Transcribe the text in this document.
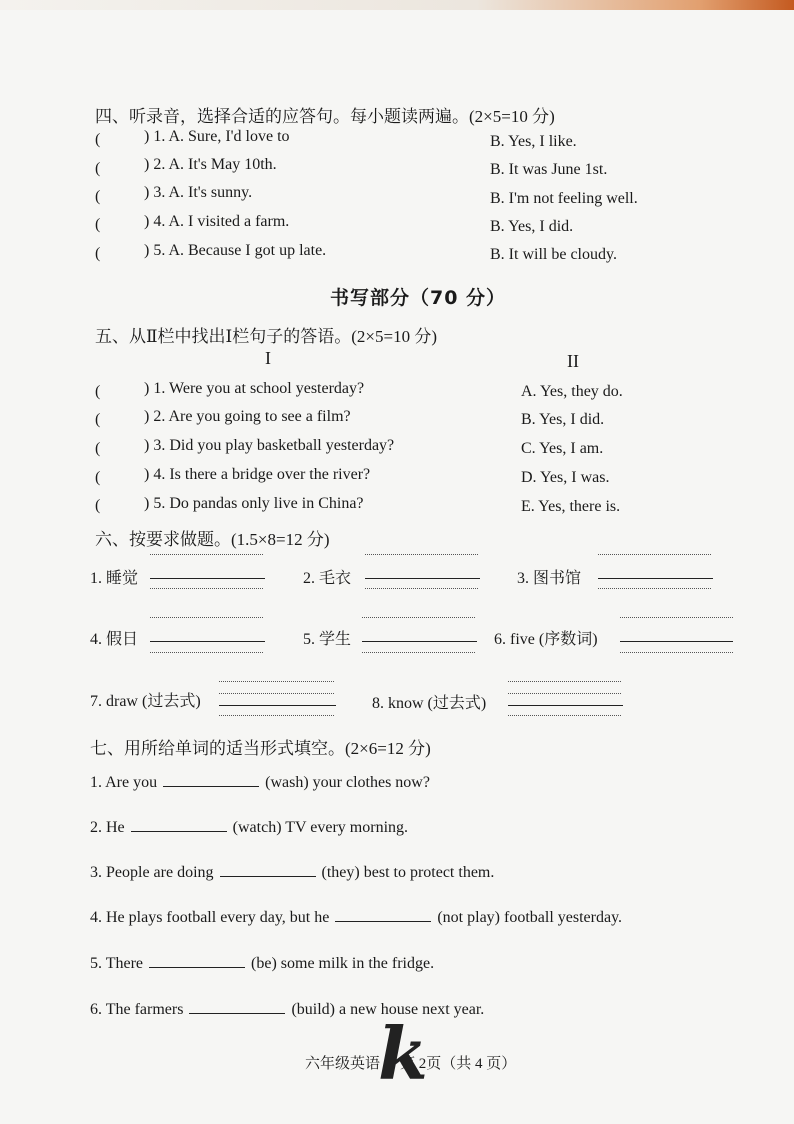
四、听录音，选择合适的应答句。每小题读两遍。(2×5=10 分)
(	) 1. A. Sure, I'd love to	B. Yes, I like.
(	) 2. A. It's May 10th.	B. It was June 1st.
(	) 3. A. It's sunny.	B. I'm not feeling well.
(	) 4. A. I visited a farm.	B. Yes, I did.
(	) 5. A. Because I got up late.	B. It will be cloudy.
书写部分（70 分）
五、从Ⅱ栏中找出Ⅰ栏句子的答语。(2×5=10 分)
I	II
(	) 1. Were you at school yesterday?	A. Yes, they do.
(	) 2. Are you going to see a film?	B. Yes, I did.
(	) 3. Did you play basketball yesterday?	C. Yes, I am.
(	) 4. Is there a bridge over the river?	D. Yes, I was.
(	) 5. Do pandas only live in China?	E. Yes, there is.
六、按要求做题。(1.5×8=12 分)
1. 睡觉	2. 毛衣	3. 图书馆
4. 假日	5. 学生	6. five (序数词)
7. draw (过去式)	8. know (过去式)
七、用所给单词的适当形式填空。(2×6=12 分)
1. Are you	(wash) your clothes now?
2. He	(watch) TV every morning.
3. People are doing	(they) best to protect them.
4. He plays football every day, but he	(not play) football yesterday.
5. There	(be) some milk in the fridge.
6. The farmers	(build) a new house next year.
六年级英语 第 2页（共 4 页）
k
